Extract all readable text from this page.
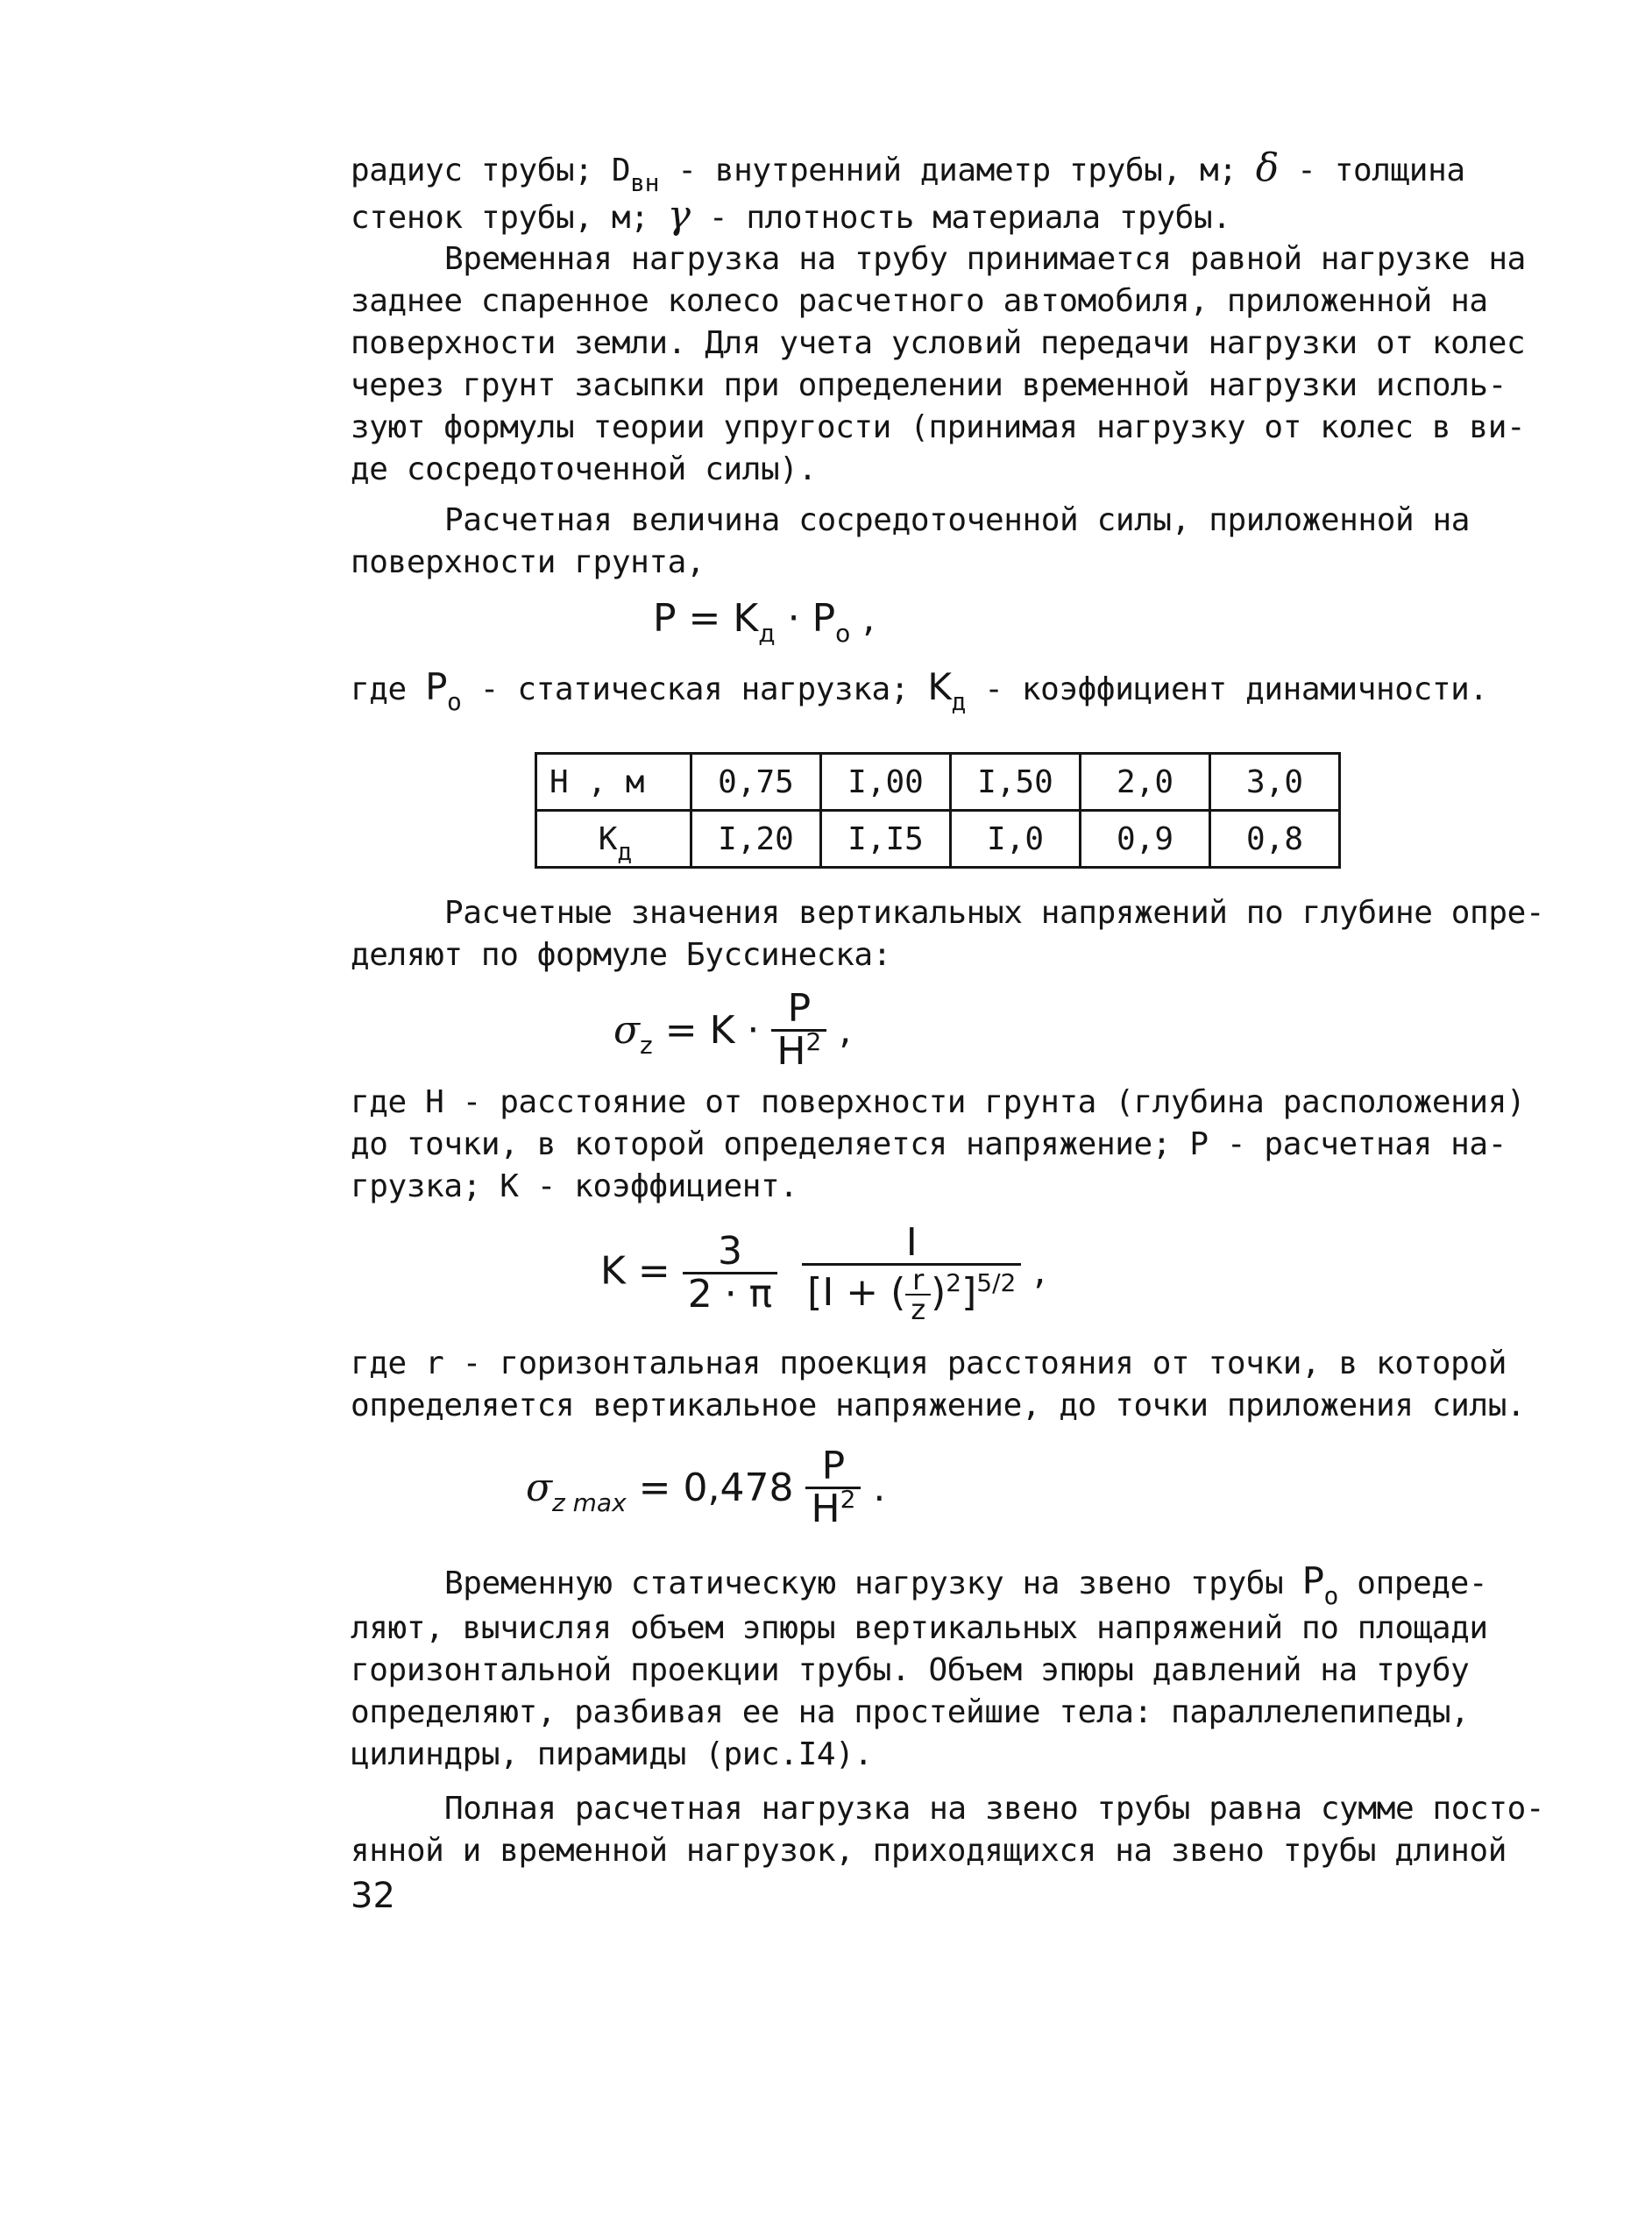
радиус трубы; $D_{вн}$ - внутренний диаметр трубы, м; δ - толщина
стенок трубы, м; γ - плотность материала трубы.
Временная нагрузка на трубу принимается равной нагрузке на
заднее спаренное колесо расчетного автомобиля, приложенной на
поверхности земли. Для учета условий передачи нагрузки от колес
через грунт засыпки при определении временной нагрузки исполь-
зуют формулы теории упругости (принимая нагрузку от колес в ви-
де сосредоточенной силы).
Расчетная величина сосредоточенной силы, приложенной на
поверхности грунта,
$P = K_д \cdot P_o$ ,
где $P_o$ - статическая нагрузка; $K_д$ - коэффициент динамичности.
H , м	0,75	I,00	I,50	2,0	3,0
$K_д$	I,20	I,I5	I,0	0,9	0,8
Расчетные значения вертикальных напряжений по глубине опре-
деляют по формуле Буссинеска:
$\sigma_z = K \cdot \frac{P}{H^2}$ ,
где H - расстояние от поверхности грунта (глубина расположения)
до точки, в которой определяется напряжение; P - расчетная на-
грузка; K - коэффициент.
$K = \frac{3}{2 \cdot \pi}$
$\frac{I}{[I + ( \frac{r}{z} )^2]^{5/2}}$ ,
где r - горизонтальная проекция расстояния от точки, в которой
определяется вертикальное напряжение, до точки приложения силы.
$\sigma_{z max} = 0,478 \frac{P}{H^2}$ .
Временную статическую нагрузку на звено трубы $P_o$ опреде-
ляют, вычисляя объем эпюры вертикальных напряжений по площади
горизонтальной проекции трубы. Объем эпюры давлений на трубу
определяют, разбивая ее на простейшие тела: параллелепипеды,
цилиндры, пирамиды (рис.I4).
Полная расчетная нагрузка на звено трубы равна сумме посто-
янной и временной нагрузок, приходящихся на звено трубы длиной
32
